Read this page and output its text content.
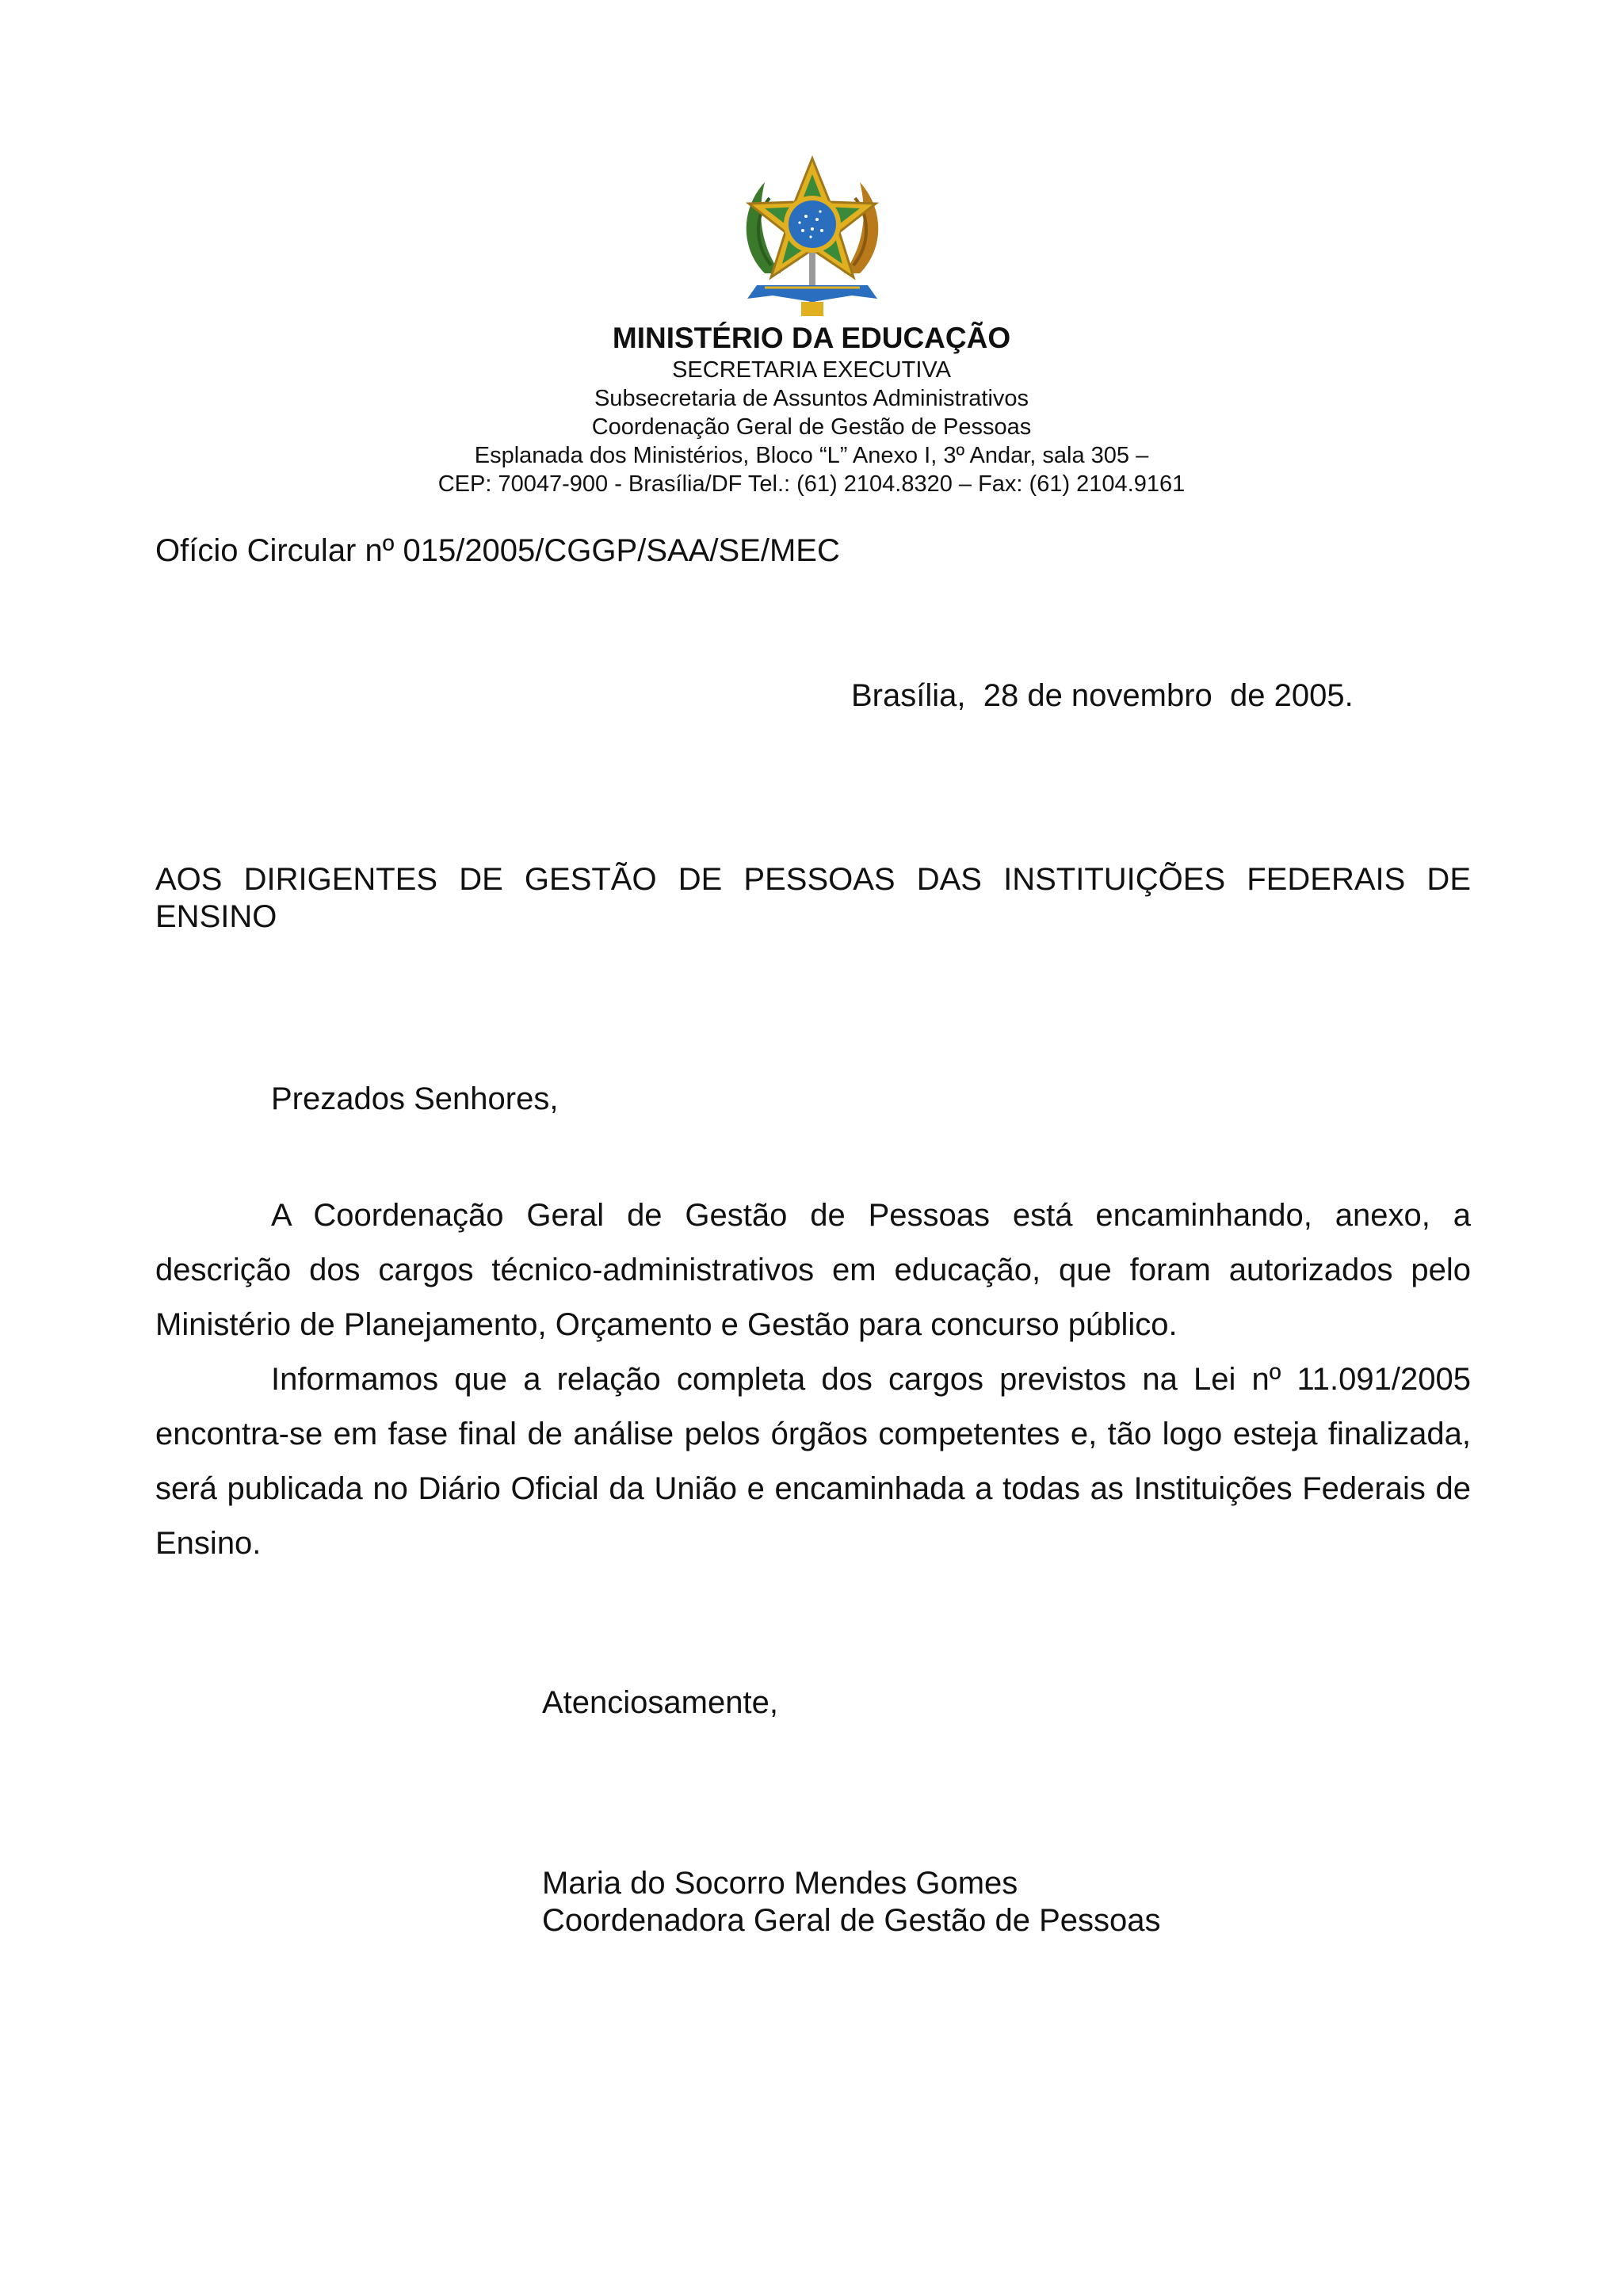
MINISTÉRIO DA EDUCAÇÃO
SECRETARIA EXECUTIVA
Subsecretaria de Assuntos Administrativos
Coordenação Geral de Gestão de Pessoas
Esplanada dos Ministérios, Bloco “L” Anexo I, 3º Andar, sala 305 –
CEP: 70047-900 - Brasília/DF Tel.: (61) 2104.8320 – Fax: (61) 2104.9161
Ofício Circular nº 015/2005/CGGP/SAA/SE/MEC
Brasília,  28 de novembro  de 2005.
AOS DIRIGENTES DE GESTÃO DE PESSOAS DAS INSTITUIÇÕES FEDERAIS DE
ENSINO
Prezados Senhores,

A Coordenação Geral de Gestão de Pessoas está encaminhando, anexo, a descrição dos cargos técnico-administrativos em educação, que foram autorizados pelo Ministério de Planejamento, Orçamento e Gestão para concurso público.

Informamos que a relação completa dos cargos previstos na Lei nº 11.091/2005 encontra-se em fase final de análise pelos órgãos competentes e, tão logo esteja finalizada, será publicada no Diário Oficial da União e encaminhada a todas as Instituições Federais de Ensino.

Atenciosamente,
Maria do Socorro Mendes Gomes
Coordenadora Geral de Gestão de Pessoas
